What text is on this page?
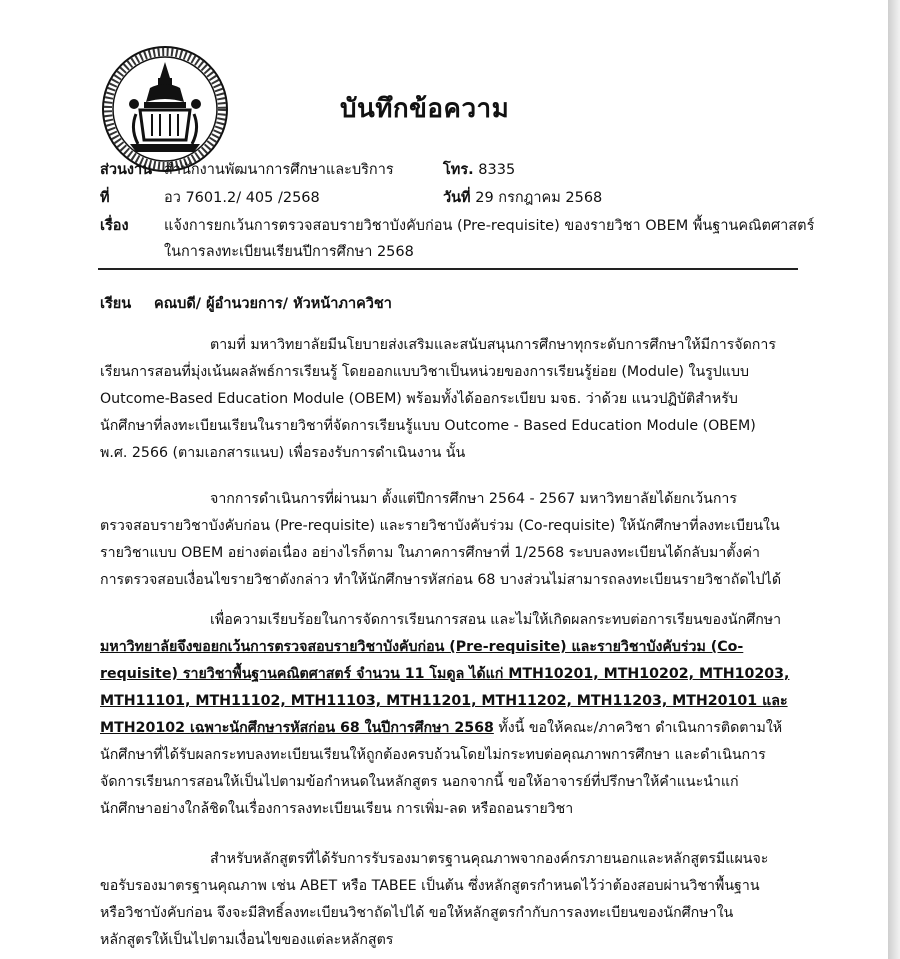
บันทึกข้อความ
ส่วนงาน สำนักงานพัฒนาการศึกษาและบริการ	โทร. 8335
ที่	อว 7601.2/ 405 /2568	วันที่ 29 กรกฎาคม 2568
เรื่อง แจ้งการยกเว้นการตรวจสอบรายวิชาบังคับก่อน (Pre-requisite) ของรายวิชา OBEM พื้นฐานคณิตศาสตร์
ในการลงทะเบียนเรียนปีการศึกษา 2568
เรียน คณบดี/ ผู้อำนวยการ/ หัวหน้าภาควิชา
ตามที่ มหาวิทยาลัยมีนโยบายส่งเสริมและสนับสนุนการศึกษาทุกระดับการศึกษาให้มีการจัดการ
เรียนการสอนที่มุ่งเน้นผลลัพธ์การเรียนรู้ โดยออกแบบวิชาเป็นหน่วยของการเรียนรู้ย่อย (Module) ในรูปแบบ
Outcome-Based Education Module (OBEM) พร้อมทั้งได้ออกระเบียบ มจธ. ว่าด้วย แนวปฏิบัติสำหรับ
นักศึกษาที่ลงทะเบียนเรียนในรายวิชาที่จัดการเรียนรู้แบบ Outcome - Based Education Module (OBEM)
พ.ศ. 2566 (ตามเอกสารแนบ) เพื่อรองรับการดำเนินงาน นั้น
จากการดำเนินการที่ผ่านมา ตั้งแต่ปีการศึกษา 2564 - 2567 มหาวิทยาลัยได้ยกเว้นการ
ตรวจสอบรายวิชาบังคับก่อน (Pre-requisite) และรายวิชาบังคับร่วม (Co-requisite) ให้นักศึกษาที่ลงทะเบียนใน
รายวิชาแบบ OBEM อย่างต่อเนื่อง อย่างไรก็ตาม ในภาคการศึกษาที่ 1/2568 ระบบลงทะเบียนได้กลับมาตั้งค่า
การตรวจสอบเงื่อนไขรายวิชาดังกล่าว ทำให้นักศึกษารหัสก่อน 68 บางส่วนไม่สามารถลงทะเบียนรายวิชาถัดไปได้
เพื่อความเรียบร้อยในการจัดการเรียนการสอน และไม่ให้เกิดผลกระทบต่อการเรียนของนักศึกษา
มหาวิทยาลัยจึงขอยกเว้นการตรวจสอบรายวิชาบังคับก่อน (Pre-requisite) และรายวิชาบังคับร่วม (Co-
requisite) รายวิชาพื้นฐานคณิตศาสตร์ จำนวน 11 โมดูล ได้แก่ MTH10201, MTH10202, MTH10203,
MTH11101, MTH11102, MTH11103, MTH11201, MTH11202, MTH11203, MTH20101 และ
MTH20102 เฉพาะนักศึกษารหัสก่อน 68 ในปีการศึกษา 2568 ทั้งนี้ ขอให้คณะ/ภาควิชา ดำเนินการติดตามให้
นักศึกษาที่ได้รับผลกระทบลงทะเบียนเรียนให้ถูกต้องครบถ้วนโดยไม่กระทบต่อคุณภาพการศึกษา และดำเนินการ
จัดการเรียนการสอนให้เป็นไปตามข้อกำหนดในหลักสูตร นอกจากนี้ ขอให้อาจารย์ที่ปรึกษาให้คำแนะนำแก่
นักศึกษาอย่างใกล้ชิดในเรื่องการลงทะเบียนเรียน การเพิ่ม-ลด หรือถอนรายวิชา
สำหรับหลักสูตรที่ได้รับการรับรองมาตรฐานคุณภาพจากองค์กรภายนอกและหลักสูตรมีแผนจะ
ขอรับรองมาตรฐานคุณภาพ เช่น ABET หรือ TABEE เป็นต้น ซึ่งหลักสูตรกำหนดไว้ว่าต้องสอบผ่านวิชาพื้นฐาน
หรือวิชาบังคับก่อน จึงจะมีสิทธิ์ลงทะเบียนวิชาถัดไปได้ ขอให้หลักสูตรกำกับการลงทะเบียนของนักศึกษาใน
หลักสูตรให้เป็นไปตามเงื่อนไขของแต่ละหลักสูตร
